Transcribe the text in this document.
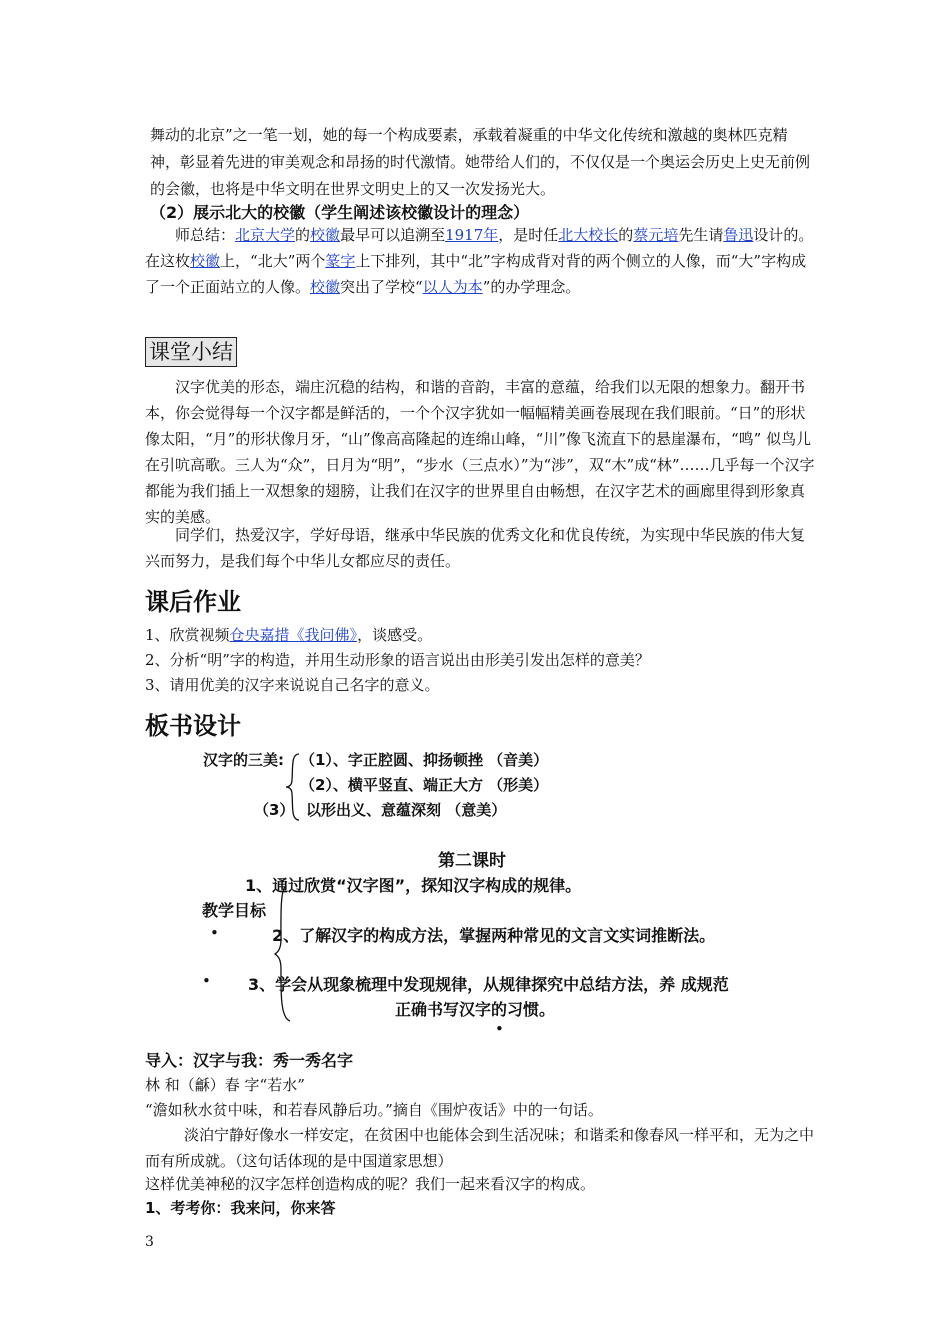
舞动的北京”之一笔一划，她的每一个构成要素，承载着凝重的中华文化传统和激越的奥林匹克精神，彰显着先进的审美观念和昂扬的时代激情。她带给人们的，不仅仅是一个奥运会历史上史无前例的会徽，也将是中华文明在世界文明史上的又一次发扬光大。

（2）展示北大的校徽（学生阐述该校徽设计的理念）

师总结：北京大学的校徽最早可以追溯至1917年，是时任北大校长的蔡元培先生请鲁迅设计的。在这枚校徽上，“北大”两个篆字上下排列，其中“北”字构成背对背的两个侧立的人像，而“大”字构成了一个正面站立的人像。校徽突出了学校“以人为本”的办学理念。

课堂小结

汉字优美的形态，端庄沉稳的结构，和谐的音韵，丰富的意蕴，给我们以无限的想象力。翻开书本，你会觉得每一个汉字都是鲜活的，一个个汉字犹如一幅幅精美画卷展现在我们眼前。“日”的形状像太阳，“月”的形状像月牙，“山”像高高隆起的连绵山峰，“川”像飞流直下的悬崖瀑布，“鸣” 似鸟儿在引吭高歌。三人为“众”，日月为“明”，“步水（三点水）”为“涉”，双“木”成“林”……几乎每一个汉字都能为我们插上一双想象的翅膀，让我们在汉字的世界里自由畅想，在汉字艺术的画廊里得到形象真实的美感。

同学们，热爱汉字，学好母语，继承中华民族的优秀文化和优良传统，为实现中华民族的伟大复兴而努力，是我们每个中华儿女都应尽的责任。

课后作业
1、欣赏视频仓央嘉措《我问佛》，谈感受。
2、分析“明”字的构造，并用生动形象的语言说出由形美引发出怎样的意美？
3、请用优美的汉字来说说自己名字的意义。
板书设计
汉字的三美: （1）、字正腔圆、抑扬顿挫 （音美）
（2）、横平竖直、端正大方 （形美）
（3） 以形出义、意蕴深刻 （意美）
第二课时
1、通过欣赏“汉字图”，探知汉字构成的规律。
教学目标
•	2、了解汉字的构成方法，掌握两种常见的文言文实词推断法。
• 3、学会从现象梳理中发现规律，从规律探究中总结方法，养 成规范
正确书写汉字的习惯。
•
导入：汉字与我：秀一秀名字
林 和（龢）春 字“若水”
“澹如秋水贫中味，和若春风静后功。”摘自《围炉夜话》中的一句话。

淡泊宁静好像水一样安定，在贫困中也能体会到生活况味；和谐柔和像春风一样平和，无为之中而有所成就。（这句话体现的是中国道家思想）

这样优美神秘的汉字怎样创造构成的呢？我们一起来看汉字的构成。
1、考考你：我来问，你来答
3
